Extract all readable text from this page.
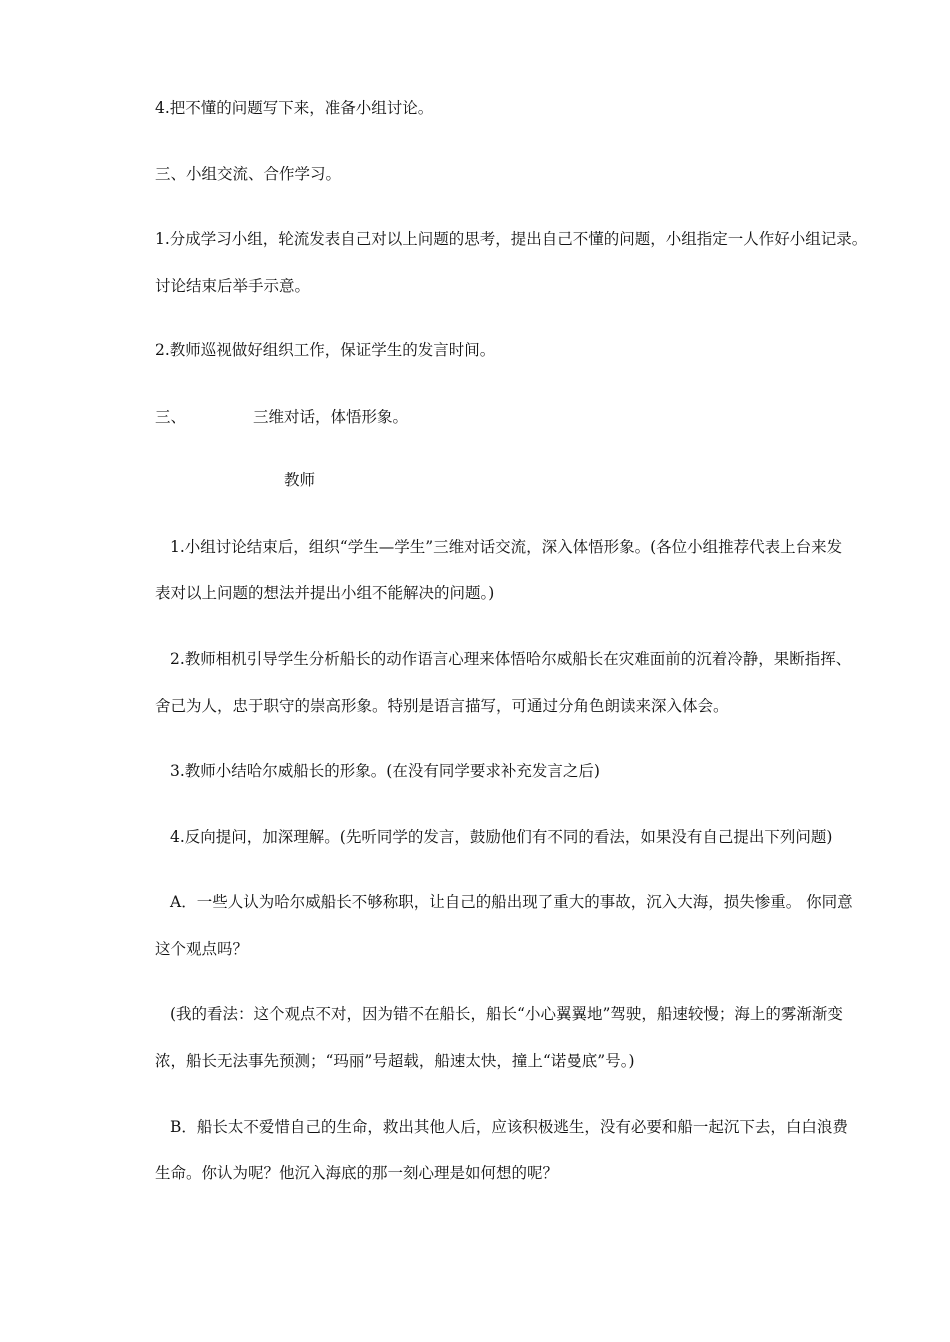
4.把不懂的问题写下来，准备小组讨论。
三、小组交流、合作学习。
1.分成学习小组，轮流发表自己对以上问题的思考，提出自己不懂的问题，小组指定一人作好小组记录。
讨论结束后举手示意。
2.教师巡视做好组织工作，保证学生的发言时间。
三、	三维对话，体悟形象。
教师
1.小组讨论结束后，组织“学生—学生”三维对话交流，深入体悟形象。(各位小组推荐代表上台来发
表对以上问题的想法并提出小组不能解决的问题。)
2.教师相机引导学生分析船长的动作语言心理来体悟哈尔威船长在灾难面前的沉着冷静，果断指挥、
舍己为人，忠于职守的崇高形象。特别是语言描写，可通过分角色朗读来深入体会。
3.教师小结哈尔威船长的形象。(在没有同学要求补充发言之后)
4.反向提问，加深理解。(先听同学的发言，鼓励他们有不同的看法，如果没有自己提出下列问题)
A．一些人认为哈尔威船长不够称职，让自己的船出现了重大的事故，沉入大海，损失惨重。 你同意
这个观点吗？
(我的看法：这个观点不对，因为错不在船长，船长“小心翼翼地”驾驶，船速较慢；海上的雾渐渐变
浓，船长无法事先预测；“玛丽”号超载，船速太快，撞上“诺曼底”号。)
B．船长太不爱惜自己的生命，救出其他人后，应该积极逃生，没有必要和船一起沉下去，白白浪费
生命。你认为呢？他沉入海底的那一刻心理是如何想的呢？
